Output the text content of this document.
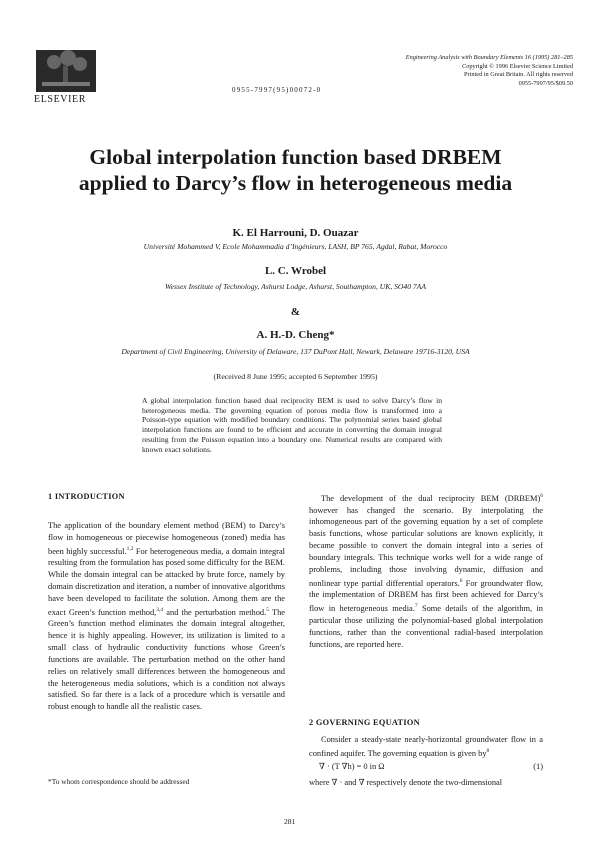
ELSEVIER
0955-7997(95)00072-0
Engineering Analysis with Boundary Elements 16 (1995) 281–285
Copyright © 1996 Elsevier Science Limited
Printed in Great Britain. All rights reserved
0955-7997/95/$09.50
Global interpolation function based DRBEM
applied to Darcy’s flow in heterogeneous media
K. El Harrouni, D. Ouazar
Université Mohammed V, Ecole Mohammadia d’Ingénieurs, LASH, BP 765, Agdal, Rabat, Morocco
L. C. Wrobel
Wessex Institute of Technology, Ashurst Lodge, Ashurst, Southampton, UK, SO40 7AA
&
A. H.-D. Cheng*
Department of Civil Engineering, University of Delaware, 137 DuPont Hall, Newark, Delaware 19716-3120, USA
(Received 8 June 1995; accepted 6 September 1995)
A global interpolation function based dual reciprocity BEM is used to solve Darcy’s flow in heterogeneous media. The governing equation of porous media flow is transformed into a Poisson-type equation with modified boundary conditions. The polynomial series based global interpolation functions are found to be efficient and accurate in converting the domain integral resulting from the Poisson equation into a boundary one. Numerical results are compared with known exact solutions.
1 INTRODUCTION
The application of the boundary element method (BEM) to Darcy’s flow in homogeneous or piecewise homogeneous (zoned) media has been highly successful.$^{1,2}$ For heterogeneous media, a domain integral resulting from the formulation has posed some difficulty for the BEM. While the domain integral can be attacked by brute force, namely by domain discretization and iteration, a number of innovative algorithms have been developed to facilitate the solution. Among them are the exact Green’s function method,$^{3,4}$ and the perturbation method.$^5$ The Green’s function method eliminates the domain integral altogether, hence it is highly appealing. However, its utilization is limited to a small class of hydraulic conductivity functions whose Green’s functions are available. The perturbation method on the other hand relies on relatively small differences between the homogeneous and the heterogeneous media solutions, which is a condition not always satisfied. So far there is a lack of a procedure which is versatile and robust enough to handle all the realistic cases.
The development of the dual reciprocity BEM (DRBEM)$^6$ however has changed the scenario. By interpolating the inhomogeneous part of the governing equation by a set of complete basis functions, whose particular solutions are known explicitly, it became possible to convert the domain integral into a series of boundary integrals. This technique works well for a wide range of problems, including those involving dynamic, diffusion and nonlinear type partial differential operators.$^6$ For groundwater flow, the implementation of DRBEM has first been achieved for Darcy’s flow in heterogeneous media.$^7$ Some details of the algorithm, in particular those utilizing the polynomial-based global interpolation functions, rather than the conventional radial-based interpolation functions, are reported here.
2 GOVERNING EQUATION
Consider a steady-state nearly-horizontal groundwater flow in a confined aquifer. The governing equation is given $by^8$
∇ · (T ∇h) = 0 in Ω	(1)
where ∇ · and ∇ respectively denote the two-dimensional
*To whom correspondence should be addressed
281
